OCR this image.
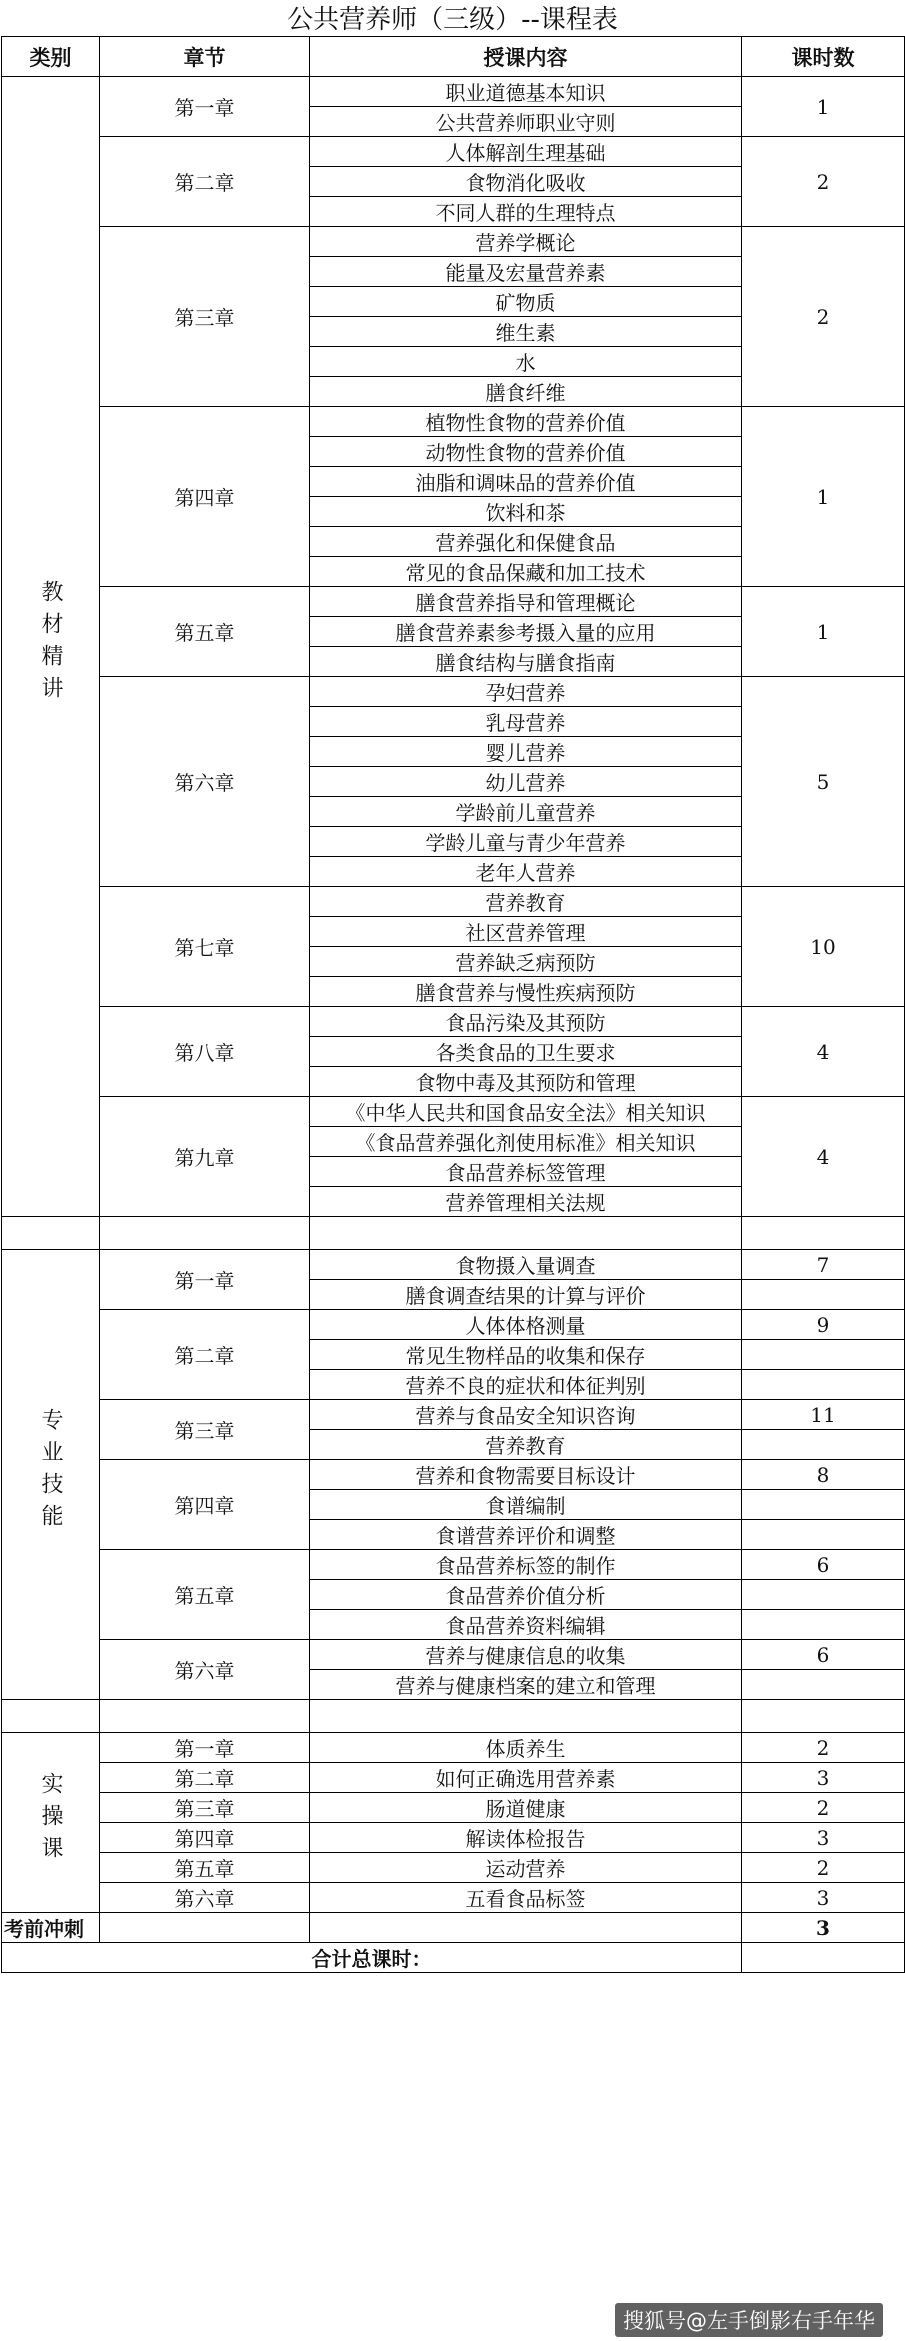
公共营养师（三级）--课程表
类别	章节	授课内容	课时数
教材精讲	第一章	职业道德基本知识	1
		公共营养师职业守则	
	第二章	人体解剖生理基础	2
		食物消化吸收	
		不同人群的生理特点	
	第三章	营养学概论	2
		能量及宏量营养素	
		矿物质	
		维生素	
		水	
		膳食纤维	
	第四章	植物性食物的营养价值	1
		动物性食物的营养价值	
		油脂和调味品的营养价值	
		饮料和茶	
		营养强化和保健食品	
		常见的食品保藏和加工技术	
	第五章	膳食营养指导和管理概论	1
		膳食营养素参考摄入量的应用	
		膳食结构与膳食指南	
	第六章	孕妇营养	5
		乳母营养	
		婴儿营养	
		幼儿营养	
		学龄前儿童营养	
		学龄儿童与青少年营养	
		老年人营养	
	第七章	营养教育	10
		社区营养管理	
		营养缺乏病预防	
		膳食营养与慢性疾病预防	
	第八章	食品污染及其预防	4
		各类食品的卫生要求	
		食物中毒及其预防和管理	
	第九章	《中华人民共和国食品安全法》相关知识	4
		《食品营养强化剂使用标准》相关知识	
		食品营养标签管理	
		营养管理相关法规	

专业技能	第一章	食物摄入量调查	7
		膳食调查结果的计算与评价	
	第二章	人体体格测量	9
		常见生物样品的收集和保存	
		营养不良的症状和体征判别	
	第三章	营养与食品安全知识咨询	11
		营养教育	
	第四章	营养和食物需要目标设计	8
		食谱编制	
		食谱营养评价和调整	
	第五章	食品营养标签的制作	6
		食品营养价值分析	
		食品营养资料编辑	
	第六章	营养与健康信息的收集	6
		营养与健康档案的建立和管理	

实操课	第一章	体质养生	2
	第二章	如何正确选用营养素	3
	第三章	肠道健康	2
	第四章	解读体检报告	3
	第五章	运动营养	2
	第六章	五看食品标签	3
考前冲刺			3
合计总课时：			
搜狐号@左手倒影右手年华
